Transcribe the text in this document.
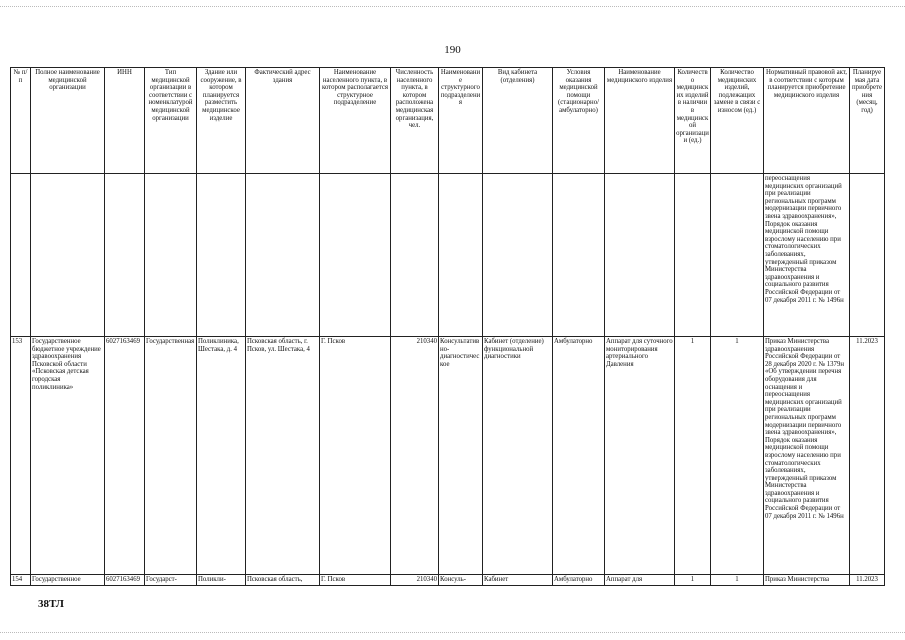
190
№ п/п	Полное наименование медицинской организации	ИНН	Тип медицинской организации в соответствии с номенклатурой медицинской организации	Здание или сооружение, в котором планируется разместить медицинское изделие	Фактический адрес здания	Наименование населенного пункта, в котором располагается структурное подразделение	Численность населенного пункта, в котором расположена медицинская организация, чел.	Наименование структурного подразделения	Вид кабинета (отделения)	Условия оказания медицинской помощи (стационарно/ амбулаторно)	Наименование медицинского изделия	Количество медицинских изделий в наличии в медицинской организации (ед.)	Количество медицинских изделий, подлежащих замене в связи с износом (ед.)	Нормативный правовой акт, в соответствии с которым планируется приобретение медицинского изделия	Планируемая дата приобретения (месяц, год)
														переоснащения медицинских организаций при реализации региональных программ модернизации первичного звена здравоохранения», Порядок оказания медицинской помощи взрослому населению при стоматологических заболеваниях, утвержденный приказом Министерства здравоохранения и социального развития Российской Федерации от 07 декабря 2011 г. № 1496н	
153	Государственное бюджетное учреждение здравоохранения Псковской области «Псковская детская городская поликлиника»	6027163469	Государственная	Поликлиника, Шестака, д. 4	Псковская область, г. Псков, ул. Шестака, 4	Г. Псков	210340	Консультативно-диагностическое	Кабинет (отделение) функциональной диагностики	Амбулаторно	Аппарат для суточного мониторирования артериального Давления	1	1	Приказ Министерства здравоохранения Российской Федерации от 28 декабря 2020 г. № 1379н «Об утверждении перечня оборудования для оснащения и переоснащения медицинских организаций при реализации региональных программ модернизации первичного звена здравоохранения», Порядок оказания медицинской помощи взрослому населению при стоматологических заболеваниях, утвержденный приказом Министерства здравоохранения и социального развития Российской Федерации от 07 декабря 2011 г. № 1496н	11.2023
154	Государственное	6027163469	Государст-	Поликли-	Псковская область,	Г. Псков	210340	Консуль-	Кабинет	Амбулаторно	Аппарат для	1	1	Приказ Министерства	11.2023
38ТЛ
